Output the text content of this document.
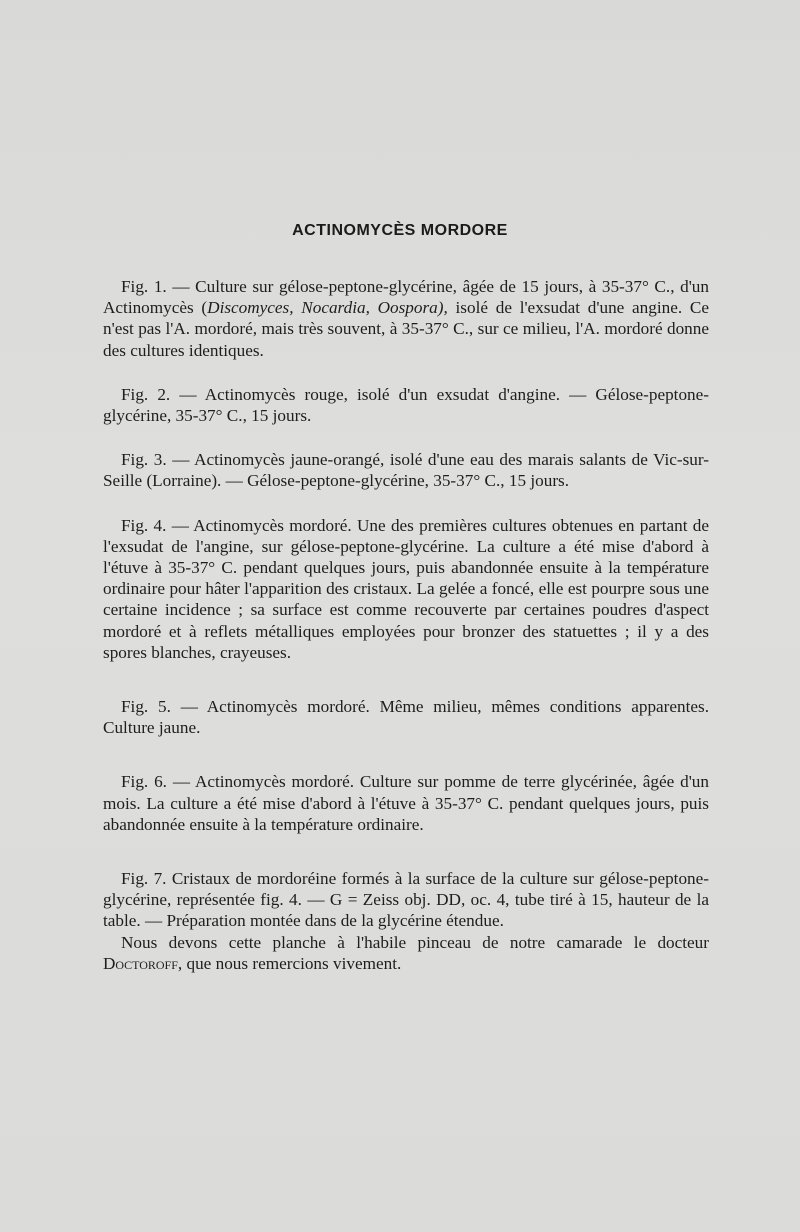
ACTINOMYCÈS MORDORE

Fig. 1. — Culture sur gélose-peptone-glycérine, âgée de 15 jours, à 35-37° C., d'un Actinomycès (Discomyces, Nocardia, Oospora), isolé de l'exsudat d'une angine. Ce n'est pas l'A. mordoré, mais très souvent, à 35-37° C., sur ce milieu, l'A. mordoré donne des cultures identiques.

Fig. 2. — Actinomycès rouge, isolé d'un exsudat d'angine. — Gélose-peptone-glycérine, 35-37° C., 15 jours.

Fig. 3. — Actinomycès jaune-orangé, isolé d'une eau des marais salants de Vic-sur-Seille (Lorraine). — Gélose-peptone-glycérine, 35-37° C., 15 jours.

Fig. 4. — Actinomycès mordoré. Une des premières cultures obtenues en partant de l'exsudat de l'angine, sur gélose-peptone-glycérine. La culture a été mise d'abord à l'étuve à 35-37° C. pendant quelques jours, puis abandonnée ensuite à la température ordinaire pour hâter l'apparition des cristaux. La gelée a foncé, elle est pourpre sous une certaine incidence ; sa surface est comme recouverte par certaines poudres d'aspect mordoré et à reflets métalliques employées pour bronzer des statuettes ; il y a des spores blanches, crayeuses.

Fig. 5. — Actinomycès mordoré. Même milieu, mêmes conditions apparentes. Culture jaune.

Fig. 6. — Actinomycès mordoré. Culture sur pomme de terre glycérinée, âgée d'un mois. La culture a été mise d'abord à l'étuve à 35-37° C. pendant quelques jours, puis abandonnée ensuite à la température ordinaire.

Fig. 7. Cristaux de mordoréine formés à la surface de la culture sur gélose-peptone-glycérine, représentée fig. 4. — G = Zeiss obj. DD, oc. 4, tube tiré à 15, hauteur de la table. — Préparation montée dans de la glycérine étendue.

Nous devons cette planche à l'habile pinceau de notre camarade le docteur Doctoroff, que nous remercions vivement.
